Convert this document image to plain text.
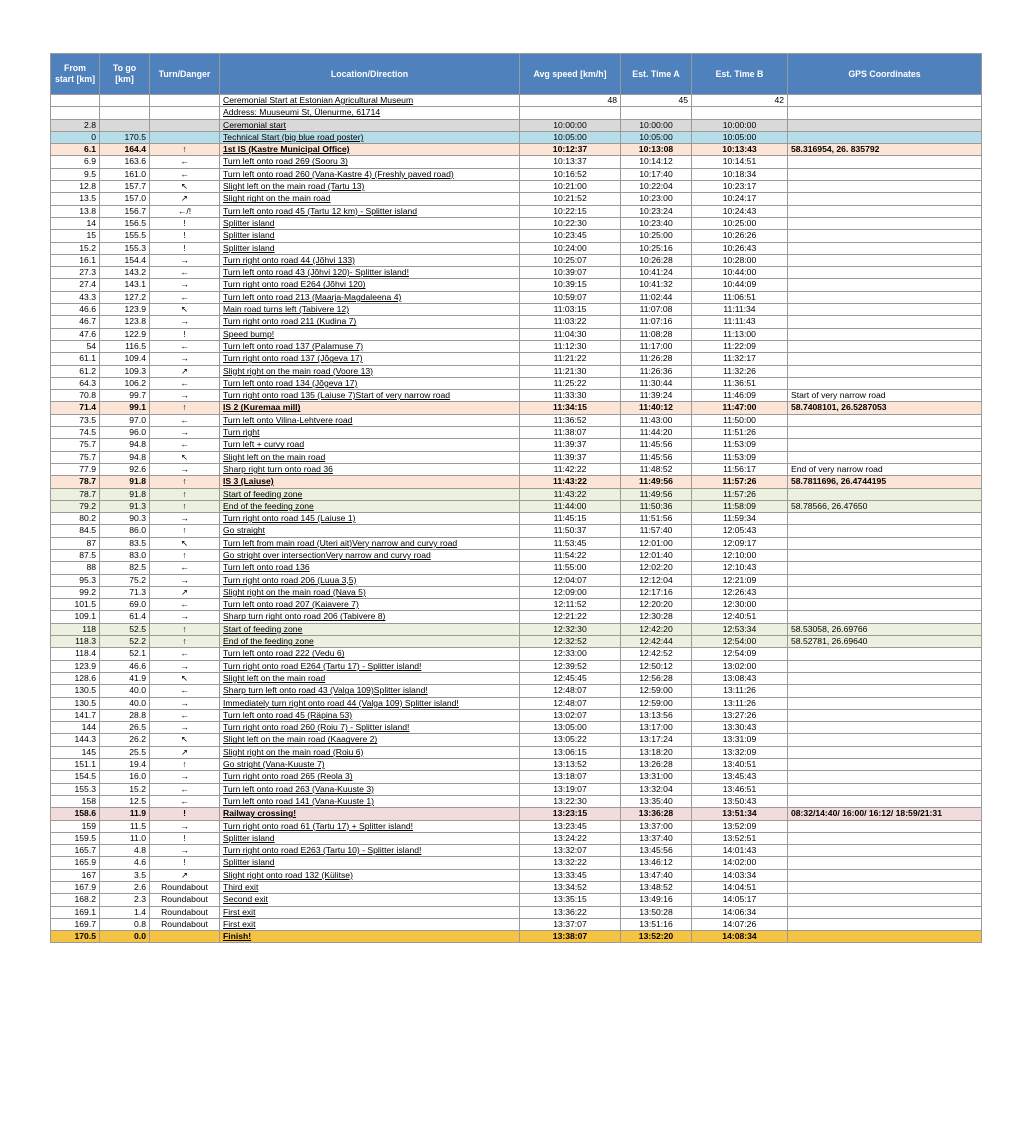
From start [km]	To go [km]	Turn/Danger	Location/Direction	Avg speed [km/h]	Est. Time A	Est. Time B	GPS Coordinates
			Ceremonial Start at Estonian Agricultural Museum	48	45	42	
			Address: Muuseumi St, Ülenurme, 61714				
2.8			Ceremonial start	10:00:00	10:00:00	10:00:00	
0	170.5		Technical Start (big blue road poster)	10:05:00	10:05:00	10:05:00	
6.1	164.4	↑	1st IS (Kastre Municipal Office)	10:12:37	10:13:08	10:13:43	58.316954, 26. 835792
6.9	163.6	←	Turn left onto road 269 (Sooru 3)	10:13:37	10:14:12	10:14:51	
9.5	161.0	←	Turn left onto road 260 (Vana-Kastre 4) (Freshly paved road)	10:16:52	10:17:40	10:18:34	
12.8	157.7	↖	Slight left on the main road (Tartu 13)	10:21:00	10:22:04	10:23:17	
13.5	157.0	↗	Slight right on the main road	10:21:52	10:23:00	10:24:17	
13.8	156.7	←/!	Turn left onto road 45 (Tartu 12 km) - Splitter island	10:22:15	10:23:24	10:24:43	
14	156.5	!	Splitter island	10:22:30	10:23:40	10:25:00	
15	155.5	!	Splitter island	10:23:45	10:25:00	10:26:26	
15.2	155.3	!	Splitter island	10:24:00	10:25:16	10:26:43	
16.1	154.4	→	Turn right onto road 44 (Jõhvi 133)	10:25:07	10:26:28	10:28:00	
27.3	143.2	←	Turn left onto road 43 (Jõhvi 120)- Splitter island!	10:39:07	10:41:24	10:44:00	
27.4	143.1	→	Turn right onto road E264 (Jõhvi 120)	10:39:15	10:41:32	10:44:09	
43.3	127.2	←	Turn left onto road 213 (Maarja-Magdaleena 4)	10:59:07	11:02:44	11:06:51	
46.6	123.9	↖	Main road turns left (Tabivere 12)	11:03:15	11:07:08	11:11:34	
46.7	123.8	→	Turn right onto road 211 (Kudina 7)	11:03:22	11:07:16	11:11:43	
47.6	122.9	!	Speed bump!	11:04:30	11:08:28	11:13:00	
54	116.5	←	Turn left onto road 137 (Palamuse 7)	11:12:30	11:17:00	11:22:09	
61.1	109.4	→	Turn right onto road 137 (Jõgeva 17)	11:21:22	11:26:28	11:32:17	
61.2	109.3	↗	Slight right on the main road (Voore 13)	11:21:30	11:26:36	11:32:26	
64.3	106.2	←	Turn left onto road 134 (Jõgeva 17)	11:25:22	11:30:44	11:36:51	
70.8	99.7	→	Turn right onto road 135 (Laiuse 7)Start of very narrow road	11:33:30	11:39:24	11:46:09	Start of very narrow road
71.4	99.1	↑	IS 2 (Kuremaa mill)	11:34:15	11:40:12	11:47:00	58.7408101, 26.5287053
73.5	97.0	←	Turn left onto Vilina-Lehtvere road	11:36:52	11:43:00	11:50:00	
74.5	96.0	→	Turn right	11:38:07	11:44:20	11:51:26	
75.7	94.8	←	Turn left + curvy road	11:39:37	11:45:56	11:53:09	
75.7	94.8	↖	Slight left on the main road	11:39:37	11:45:56	11:53:09	
77.9	92.6	→	Sharp right turn onto road 36	11:42:22	11:48:52	11:56:17	End of very narrow road
78.7	91.8	↑	IS 3 (Laiuse)	11:43:22	11:49:56	11:57:26	58.7811696, 26.4744195
78.7	91.8	↑	Start of feeding zone	11:43:22	11:49:56	11:57:26	
79.2	91.3	↑	End of the feeding zone	11:44:00	11:50:36	11:58:09	58.78566, 26.47650
80.2	90.3	→	Turn right onto road 145 (Laiuse 1)	11:45:15	11:51:56	11:59:34	
84.5	86.0	↑	Go straight	11:50:37	11:57:40	12:05:43	
87	83.5	↖	Turn left from main road (Uteri ait)Very narrow and curvy road	11:53:45	12:01:00	12:09:17	
87.5	83.0	↑	Go stright over intersectionVery narrow and curvy road	11:54:22	12:01:40	12:10:00	
88	82.5	←	Turn left onto road 136	11:55:00	12:02:20	12:10:43	
95.3	75.2	→	Turn right onto road 206 (Luua 3,5)	12:04:07	12:12:04	12:21:09	
99.2	71.3	↗	Slight right on the main road (Nava 5)	12:09:00	12:17:16	12:26:43	
101.5	69.0	←	Turn left onto road 207 (Kaiavere 7)	12:11:52	12:20:20	12:30:00	
109.1	61.4	→	Sharp turn right onto road 206 (Tabivere 8)	12:21:22	12:30:28	12:40:51	
118	52.5	↑	Start of feeding zone	12:32:30	12:42:20	12:53:34	58.53058, 26.69766
118.3	52.2	↑	End of the feeding zone	12:32:52	12:42:44	12:54:00	58.52781, 26.69640
118.4	52.1	←	Turn left onto road 222 (Vedu 6)	12:33:00	12:42:52	12:54:09	
123.9	46.6	→	Turn right onto road E264 (Tartu 17) - Splitter island!	12:39:52	12:50:12	13:02:00	
128.6	41.9	↖	Slight left on the main road	12:45:45	12:56:28	13:08:43	
130.5	40.0	←	Sharp turn left onto road 43 (Valga 109)Splitter island!	12:48:07	12:59:00	13:11:26	
130.5	40.0	→	Immediately turn right onto road 44 (Valga 109) Splitter island!	12:48:07	12:59:00	13:11:26	
141.7	28.8	←	Turn left onto road 45 (Räpina 53)	13:02:07	13:13:56	13:27:26	
144	26.5	→	Turn right onto road 260 (Roiu 7) - Splitter island!	13:05:00	13:17:00	13:30:43	
144.3	26.2	↖	Slight left on the main road (Kaagvere 2)	13:05:22	13:17:24	13:31:09	
145	25.5	↗	Slight right on the main road (Roiu 6)	13:06:15	13:18:20	13:32:09	
151.1	19.4	↑	Go stright (Vana-Kuuste 7)	13:13:52	13:26:28	13:40:51	
154.5	16.0	→	Turn right onto road 265 (Reola 3)	13:18:07	13:31:00	13:45:43	
155.3	15.2	←	Turn left onto road 263 (Vana-Kuuste 3)	13:19:07	13:32:04	13:46:51	
158	12.5	←	Turn left onto road 141 (Vana-Kuuste 1)	13:22:30	13:35:40	13:50:43	
158.6	11.9	!	Railway crossing!	13:23:15	13:36:28	13:51:34	08:32/14:40/ 16:00/ 16:12/ 18:59/21:31
159	11.5	→	Turn right onto road 61 (Tartu 17) + Splitter island!	13:23:45	13:37:00	13:52:09	
159.5	11.0	!	Splitter island	13:24:22	13:37:40	13:52:51	
165.7	4.8	→	Turn right onto road E263 (Tartu 10) - Splitter island!	13:32:07	13:45:56	14:01:43	
165.9	4.6	!	Splitter island	13:32:22	13:46:12	14:02:00	
167	3.5	↗	Slight right onto road 132 (Külitse)	13:33:45	13:47:40	14:03:34	
167.9	2.6	Roundabout	Third exit	13:34:52	13:48:52	14:04:51	
168.2	2.3	Roundabout	Second exit	13:35:15	13:49:16	14:05:17	
169.1	1.4	Roundabout	First exit	13:36:22	13:50:28	14:06:34	
169.7	0.8	Roundabout	First exit	13:37:07	13:51:16	14:07:26	
170.5	0.0		Finish!	13:38:07	13:52:20	14:08:34	
